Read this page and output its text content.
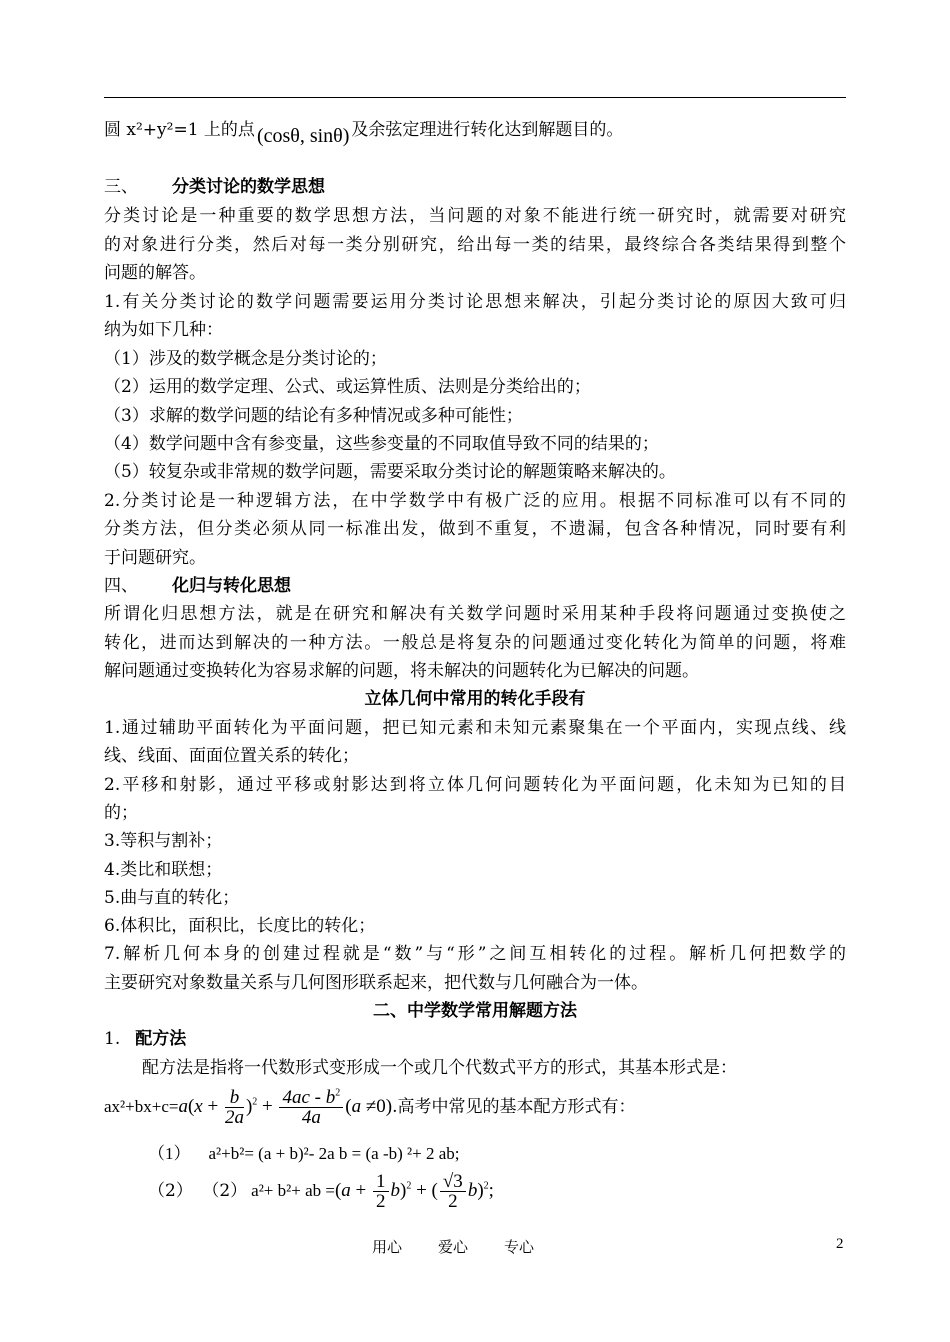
圆 x²+y²=1 上的点 (cosθ, sinθ) 及余弦定理进行转化达到解题目的。
三、 分类讨论的数学思想
分类讨论是一种重要的数学思想方法，当问题的对象不能进行统一研究时，就需要对研究
的对象进行分类，然后对每一类分别研究，给出每一类的结果，最终综合各类结果得到整个
问题的解答。
1.有关分类讨论的数学问题需要运用分类讨论思想来解决，引起分类讨论的原因大致可归
纳为如下几种：
（1）涉及的数学概念是分类讨论的；
（2）运用的数学定理、公式、或运算性质、法则是分类给出的；
（3）求解的数学问题的结论有多种情况或多种可能性；
（4）数学问题中含有参变量，这些参变量的不同取值导致不同的结果的；
（5）较复杂或非常规的数学问题，需要采取分类讨论的解题策略来解决的。
2.分类讨论是一种逻辑方法，在中学数学中有极广泛的应用。根据不同标准可以有不同的
分类方法，但分类必须从同一标准出发，做到不重复，不遗漏，包含各种情况，同时要有利
于问题研究。
四、 化归与转化思想
所谓化归思想方法，就是在研究和解决有关数学问题时采用某种手段将问题通过变换使之
转化，进而达到解决的一种方法。一般总是将复杂的问题通过变化转化为简单的问题，将难
解问题通过变换转化为容易求解的问题，将未解决的问题转化为已解决的问题。
立体几何中常用的转化手段有
1.通过辅助平面转化为平面问题，把已知元素和未知元素聚集在一个平面内，实现点线、线
线、线面、面面位置关系的转化；
2.平移和射影，通过平移或射影达到将立体几何问题转化为平面问题，化未知为已知的目
的；
3.等积与割补；
4.类比和联想；
5.曲与直的转化；
6.体积比，面积比，长度比的转化；
7.解析几何本身的创建过程就是“数”与“形”之间互相转化的过程。解析几何把数学的
主要研究对象数量关系与几何图形联系起来，把代数与几何融合为一体。
二、中学数学常用解题方法
1. 配方法
配方法是指将一代数形式变形成一个或几个代数式平方的形式，其基本形式是：
$ax^2+bx+c=a(x + \frac{b}{2a} )^2 + \frac{4ac - b^2}{4a} (a \ne 0)$.高考中常见的基本配方形式有：
（1） a²+b²= (a + b)²- 2a b = (a -b) ²+ 2 ab;
（2） （2） a²+ b²+ ab $=(a + \frac{1}{2} b)^2$ + ( $\frac{√3}{2} b)^2$;
用心 爱心 专心	2
